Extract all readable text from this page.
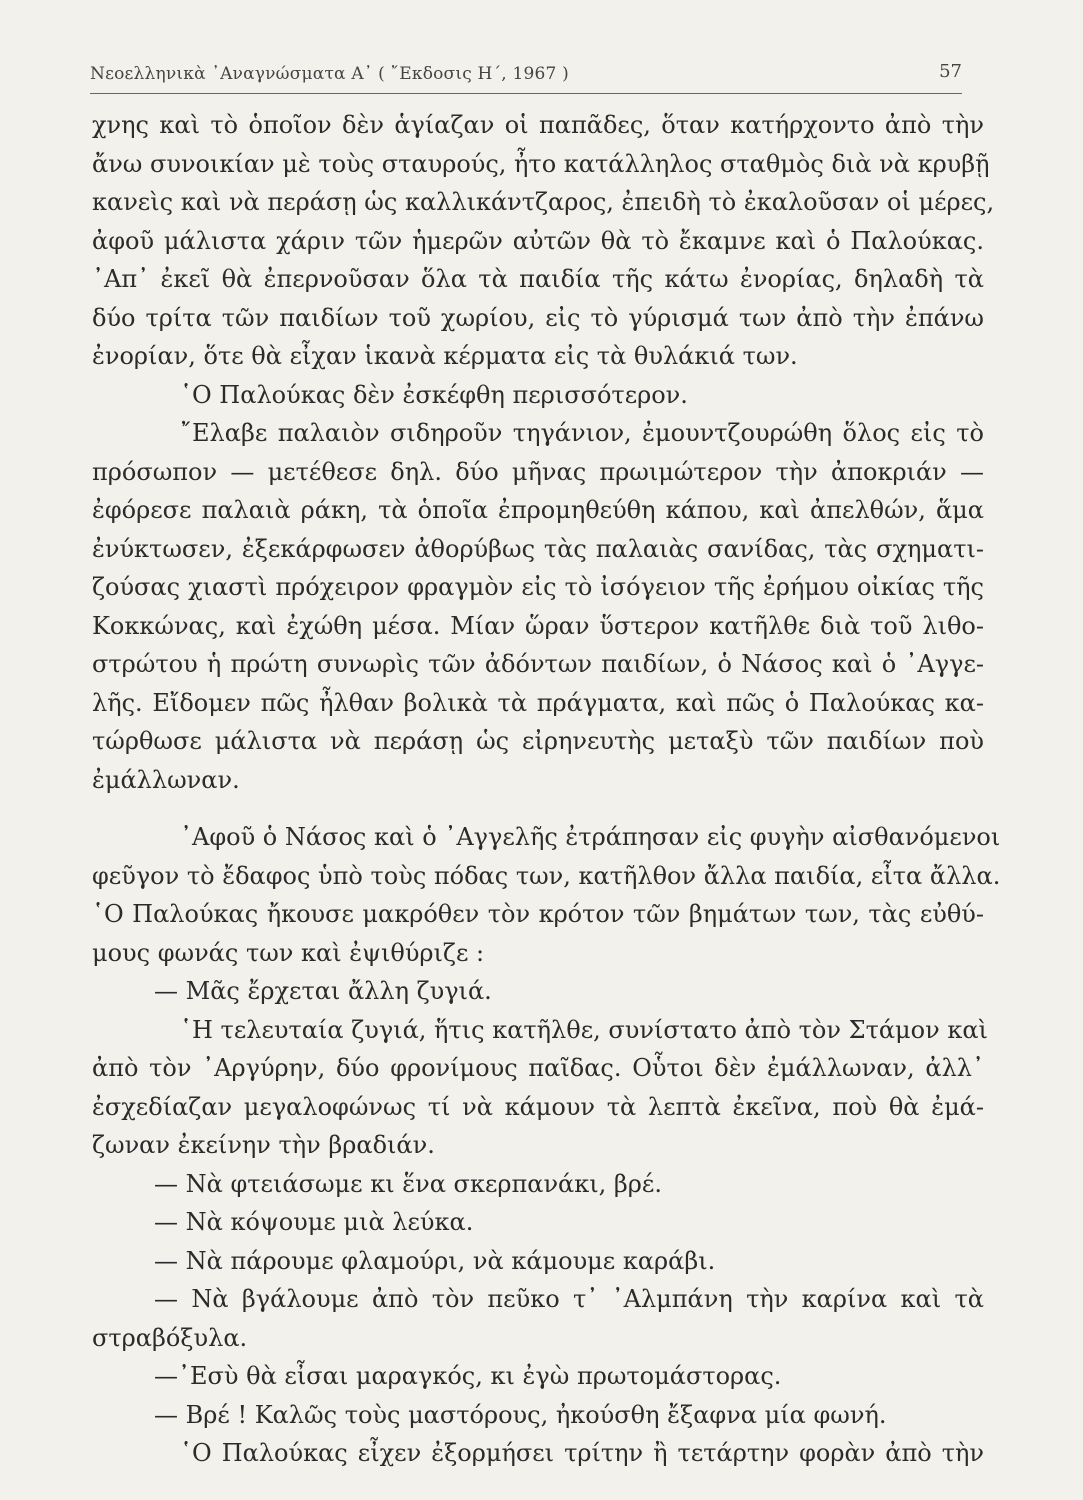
Νεοελληνικὰ ᾿Αναγνώσματα Α᾿ ( ῎Εκδοσις Η΄, 1967 )	57
χνης καὶ τὸ ὁποῖον δὲν ἁγίαζαν οἱ παπᾶδες, ὅταν κατήρχοντο ἀπὸ τὴν
ἄνω συνοικίαν μὲ τοὺς σταυρούς, ἦτο κατάλληλος σταθμὸς διὰ νὰ κρυβῇ
κανεὶς καὶ νὰ περάσῃ ὡς καλλικάντζαρος, ἐπειδὴ τὸ ἐκαλοῦσαν οἱ μέρες,
ἀφοῦ μάλιστα χάριν τῶν ἡμερῶν αὐτῶν θὰ τὸ ἔκαμνε καὶ ὁ Παλούκας.
᾿Απ᾿ ἐκεῖ θὰ ἐπερνοῦσαν ὅλα τὰ παιδία τῆς κάτω ἐνορίας, δηλαδὴ τὰ
δύο τρίτα τῶν παιδίων τοῦ χωρίου, εἰς τὸ γύρισμά των ἀπὸ τὴν ἐπάνω
ἐνορίαν, ὅτε θὰ εἶχαν ἱκανὰ κέρματα εἰς τὰ θυλάκιά των.
῾Ο Παλούκας δὲν ἐσκέφθη περισσότερον.
῎Ελαβε παλαιὸν σιδηροῦν τηγάνιον, ἐμουντζουρώθη ὅλος εἰς τὸ
πρόσωπον — μετέθεσε δηλ. δύο μῆνας πρωιμώτερον τὴν ἀποκριάν —
ἐφόρεσε παλαιὰ ράκη, τὰ ὁποῖα ἐπρομηθεύθη κάπου, καὶ ἀπελθών, ἅμα
ἐνύκτωσεν, ἐξεκάρφωσεν ἀθορύβως τὰς παλαιὰς σανίδας, τὰς σχηματι-
ζούσας χιαστὶ πρόχειρον φραγμὸν εἰς τὸ ἰσόγειον τῆς ἐρήμου οἰκίας τῆς
Κοκκώνας, καὶ ἐχώθη μέσα. Μίαν ὥραν ὕστερον κατῆλθε διὰ τοῦ λιθο-
στρώτου ἡ πρώτη συνωρὶς τῶν ἀδόντων παιδίων, ὁ Νάσος καὶ ὁ ᾿Αγγε-
λῆς. Εἴδομεν πῶς ἦλθαν βολικὰ τὰ πράγματα, καὶ πῶς ὁ Παλούκας κα-
τώρθωσε μάλιστα νὰ περάσῃ ὡς εἰρηνευτὴς μεταξὺ τῶν παιδίων ποὺ
ἐμάλλωναν.
᾿Αφοῦ ὁ Νάσος καὶ ὁ ᾿Αγγελῆς ἐτράπησαν εἰς φυγὴν αἰσθανόμενοι
φεῦγον τὸ ἔδαφος ὑπὸ τοὺς πόδας των, κατῆλθον ἄλλα παιδία, εἶτα ἄλλα.
῾Ο Παλούκας ἤκουσε μακρόθεν τὸν κρότον τῶν βημάτων των, τὰς εὐθύ-
μους φωνάς των καὶ ἐψιθύριζε :
— Μᾶς ἔρχεται ἄλλη ζυγιά.
῾Η τελευταία ζυγιά, ἥτις κατῆλθε, συνίστατο ἀπὸ τὸν Στάμον καὶ
ἀπὸ τὸν ᾿Αργύρην, δύο φρονίμους παῖδας. Οὗτοι δὲν ἐμάλλωναν, ἀλλ᾿
ἐσχεδίαζαν μεγαλοφώνως τί νὰ κάμουν τὰ λεπτὰ ἐκεῖνα, ποὺ θὰ ἐμά-
ζωναν ἐκείνην τὴν βραδιάν.
— Νὰ φτειάσωμε κι ἕνα σκερπανάκι, βρέ.
— Νὰ κόψουμε μιὰ λεύκα.
— Νὰ πάρουμε φλαμούρι, νὰ κάμουμε καράβι.
— Νὰ βγάλουμε ἀπὸ τὸν πεῦκο τ᾿ ᾿Αλμπάνη τὴν καρίνα καὶ τὰ
στραβόξυλα.
—᾿Εσὺ θὰ εἶσαι μαραγκός, κι ἐγὼ πρωτομάστορας.
— Βρέ ! Καλῶς τοὺς μαστόρους, ἠκούσθη ἔξαφνα μία φωνή.
῾Ο Παλούκας εἶχεν ἐξορμήσει τρίτην ἢ τετάρτην φορὰν ἀπὸ τὴν
